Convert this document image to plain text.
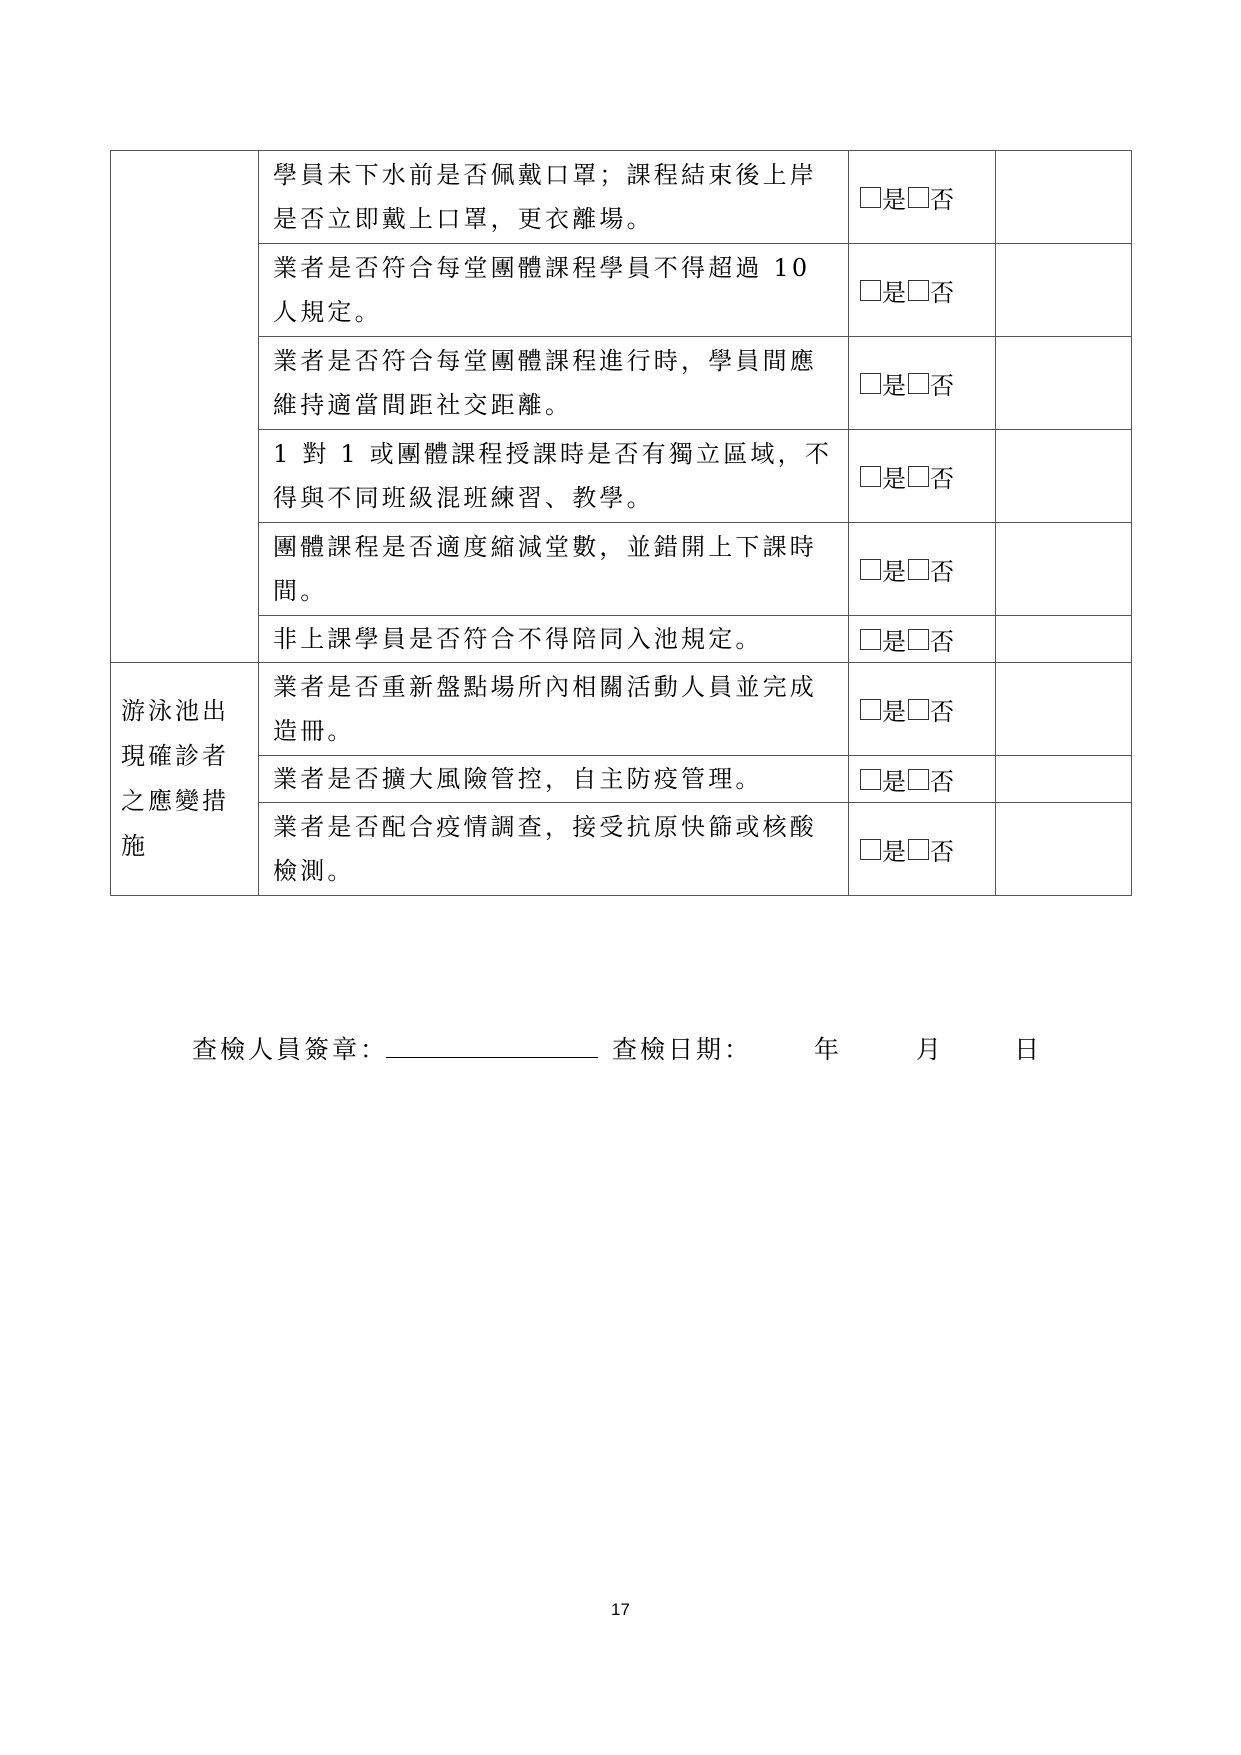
	學員未下水前是否佩戴口罩；課程結束後上岸是否立即戴上口罩，更衣離場。	是 否	

	業者是否符合每堂團體課程學員不得超過 10 人規定。	是 否	

	業者是否符合每堂團體課程進行時，學員間應維持適當間距社交距離。	是 否	

	1 對 1 或團體課程授課時是否有獨立區域，不得與不同班級混班練習、教學。	是 否	

	團體課程是否適度縮減堂數，並錯開上下課時間。	是 否	

	非上課學員是否符合不得陪同入池規定。	是 否	

游泳池出現確診者之應變措施	業者是否重新盤點場所內相關活動人員並完成造冊。	是 否	

	業者是否擴大風險管控，自主防疫管理。	是 否	

	業者是否配合疫情調查，接受抗原快篩或核酸檢測。	是 否	

查檢人員簽章：	查檢日期： 年	月	日
17
